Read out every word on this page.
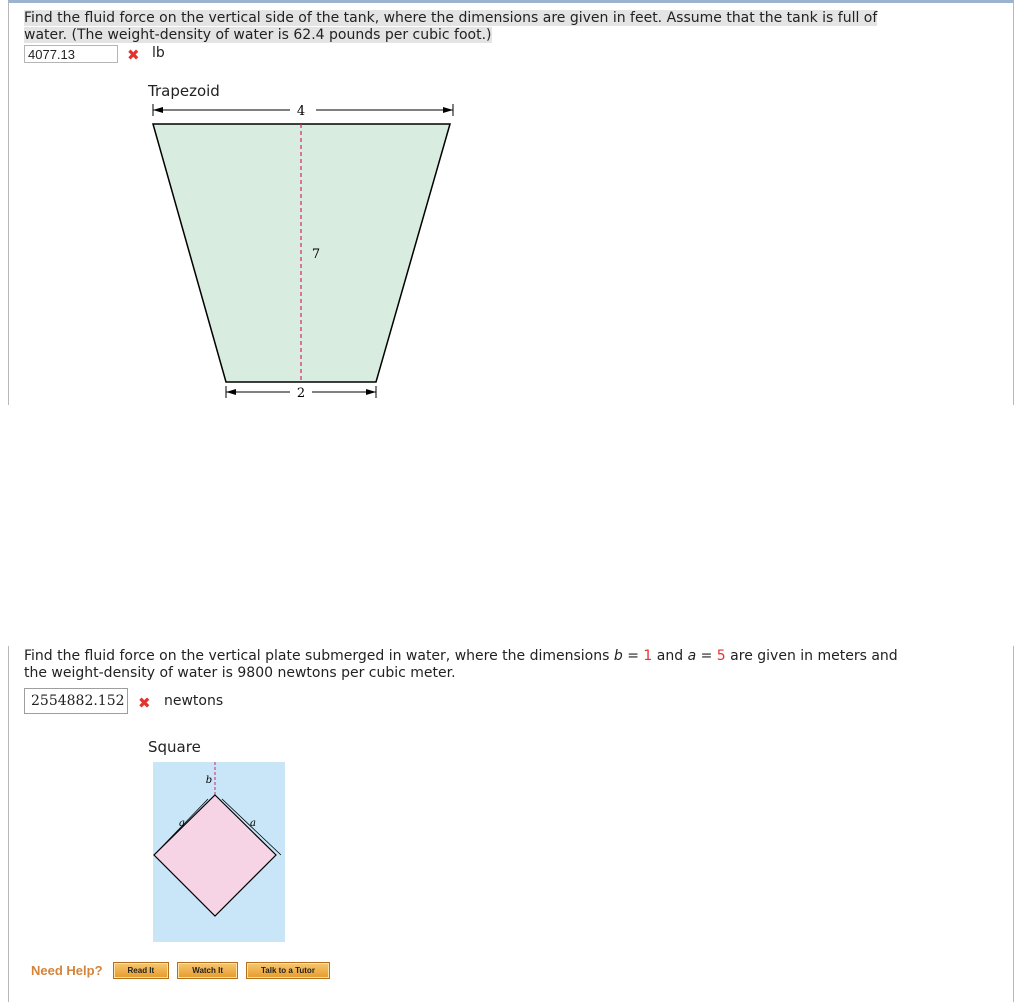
Find the fluid force on the vertical side of the tank, where the dimensions are given in feet. Assume that the tank is full of
water. (The weight-density of water is 62.4 pounds per cubic foot.)
4077.13	✖ lb
Trapezoid
4
7
2
Find the fluid force on the vertical plate submerged in water, where the dimensions b = 1 and a = 5 are given in meters and
the weight-density of water is 9800 newtons per cubic meter.
2554882.152 ✖ newtons
Square
b
a	a
Need Help?	Read It	Watch It	Talk to a Tutor
